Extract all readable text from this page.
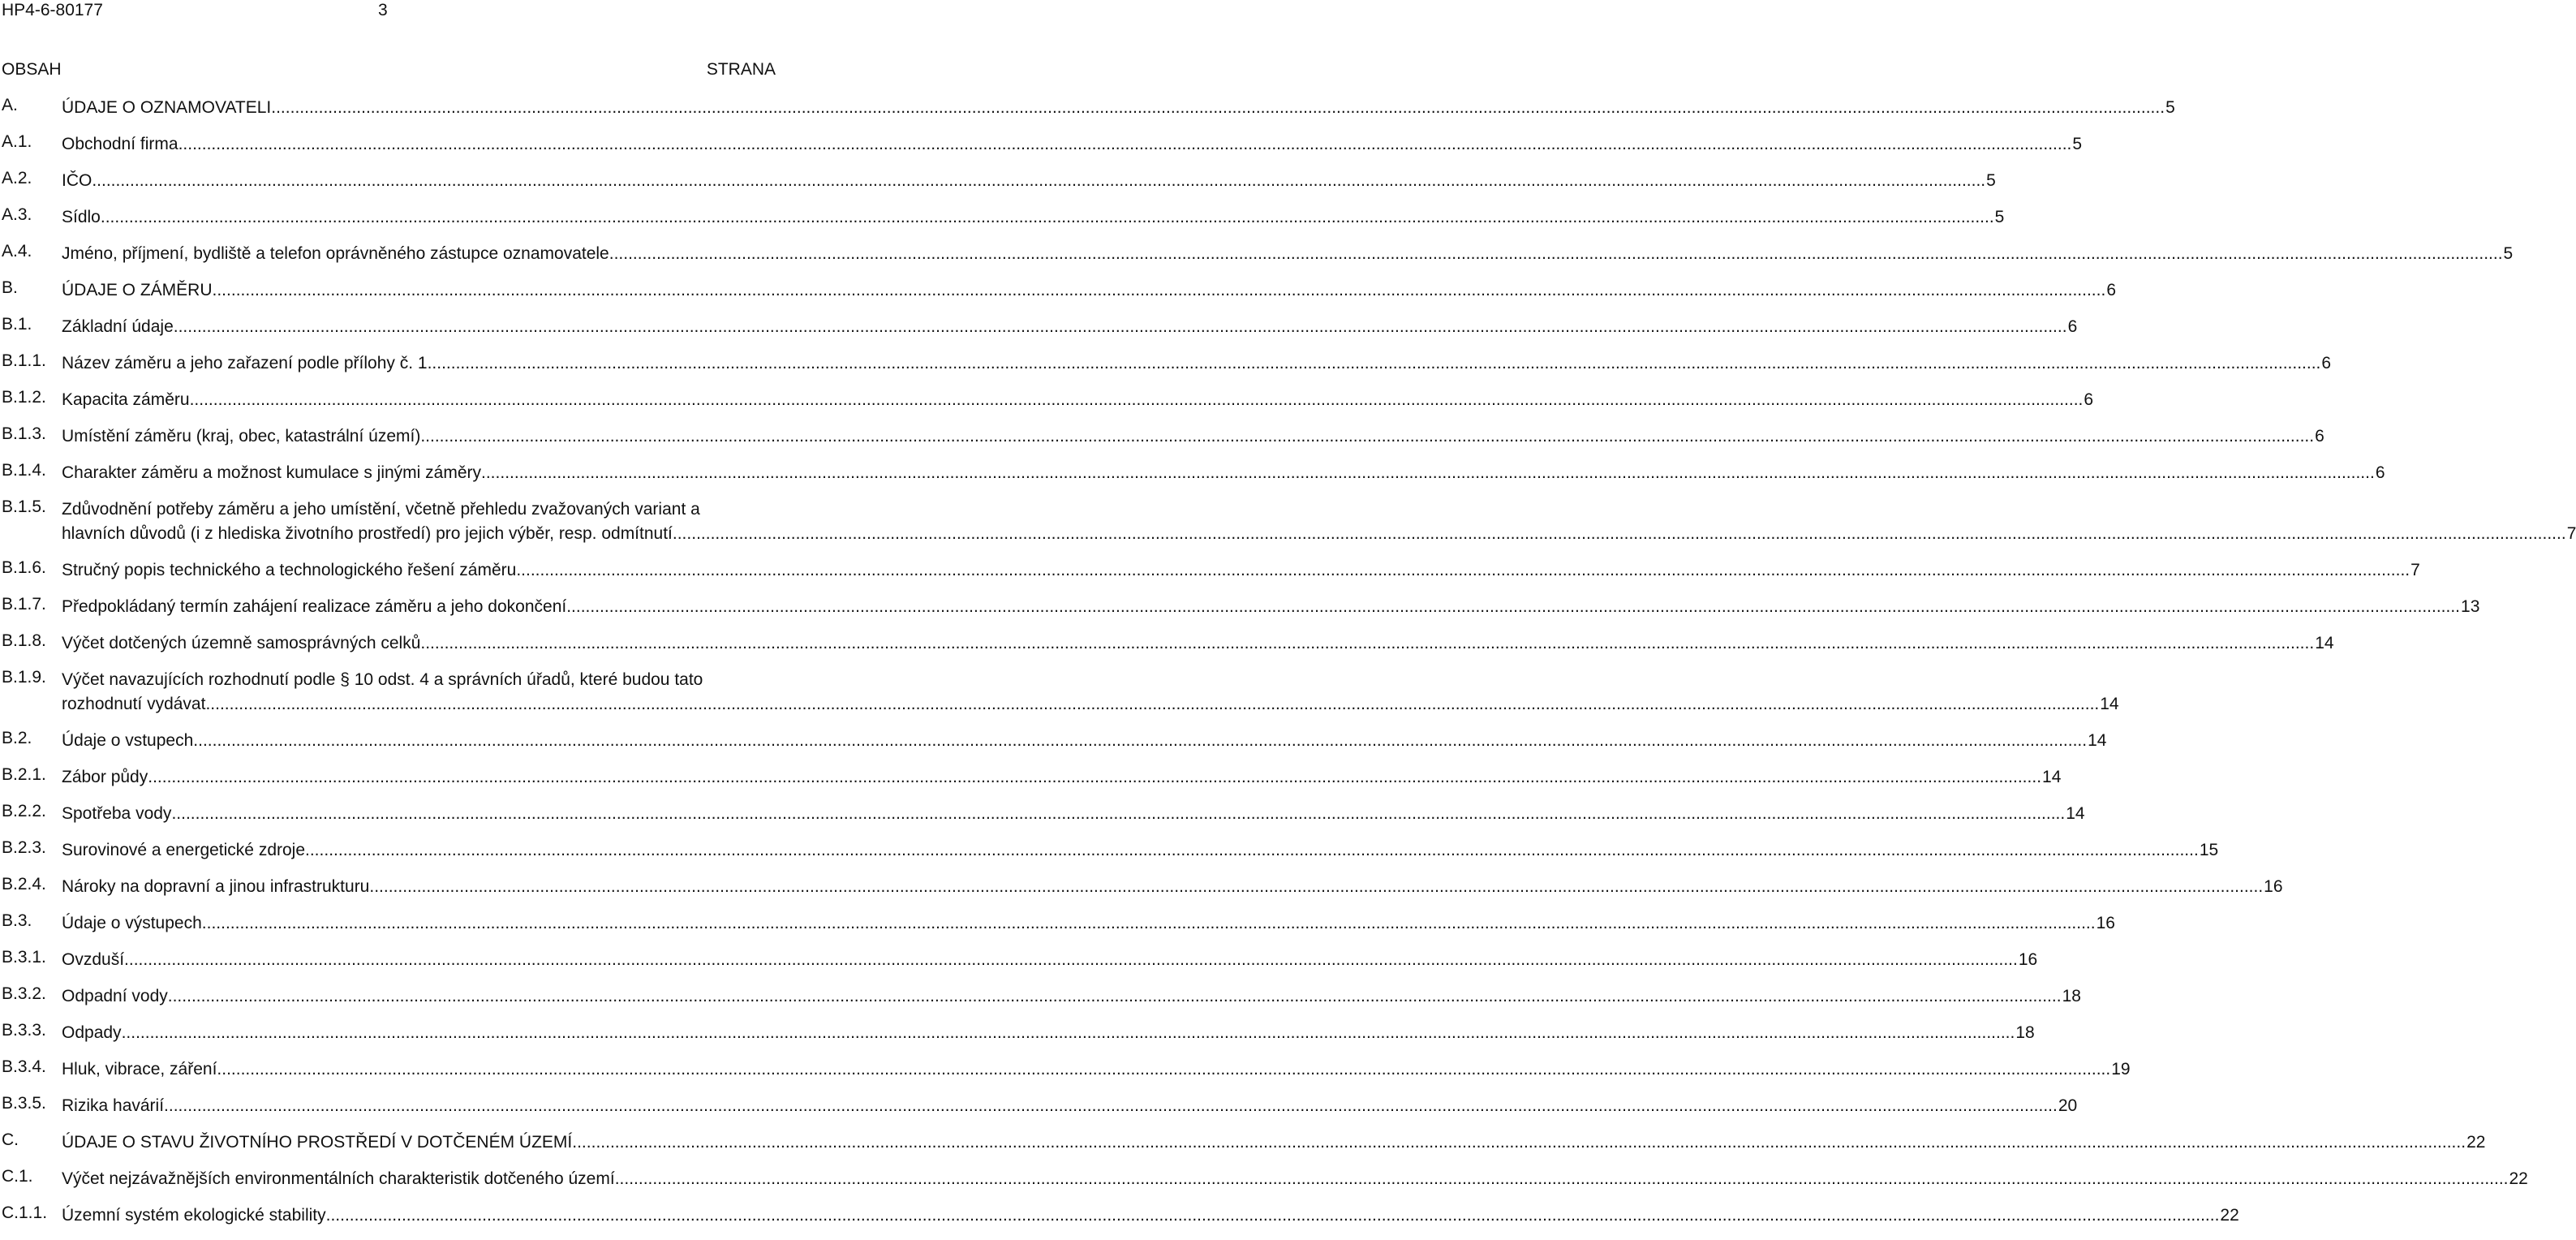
HP4-6-80177	3
OBSAH	STRANA
A.	ÚDAJE O OZNAMOVATELI ................................................................................................................................................................................................................................................................................................................................................................................................................ 5
A.1. Obchodní firma ................................................................................................................................................................................................................................................................................................................................................................................................................ 5
A.2. IČO ................................................................................................................................................................................................................................................................................................................................................................................................................ 5
A.3. Sídlo ................................................................................................................................................................................................................................................................................................................................................................................................................ 5
A.4. Jméno, příjmení, bydliště a telefon oprávněného zástupce oznamovatele ................................................................................................................................................................................................................................................................................................................................................................................................................ 5
B.	ÚDAJE O ZÁMĚRU ................................................................................................................................................................................................................................................................................................................................................................................................................ 6
B.1. Základní údaje ................................................................................................................................................................................................................................................................................................................................................................................................................ 6
B.1.1. Název záměru a jeho zařazení podle přílohy č. 1 ................................................................................................................................................................................................................................................................................................................................................................................................................ 6
B.1.2. Kapacita záměru ................................................................................................................................................................................................................................................................................................................................................................................................................ 6
B.1.3. Umístění záměru (kraj, obec, katastrální území) ................................................................................................................................................................................................................................................................................................................................................................................................................ 6
B.1.4. Charakter záměru a možnost kumulace s jinými záměry ................................................................................................................................................................................................................................................................................................................................................................................................................ 6
B.1.5. Zdůvodnění potřeby záměru a jeho umístění, včetně přehledu zvažovaných variant a
hlavních důvodů (i z hlediska životního prostředí) pro jejich výběr, resp. odmítnutí ................................................................................................................................................................................................................................................................................................................................................................................................................ 7
B.1.6. Stručný popis technického a technologického řešení záměru ................................................................................................................................................................................................................................................................................................................................................................................................................ 7
B.1.7. Předpokládaný termín zahájení realizace záměru a jeho dokončení ................................................................................................................................................................................................................................................................................................................................................................................................................ 13
B.1.8. Výčet dotčených územně samosprávných celků ................................................................................................................................................................................................................................................................................................................................................................................................................ 14
B.1.9. Výčet navazujících rozhodnutí podle § 10 odst. 4 a správních úřadů, které budou tato
rozhodnutí vydávat ................................................................................................................................................................................................................................................................................................................................................................................................................ 14
B.2. Údaje o vstupech ................................................................................................................................................................................................................................................................................................................................................................................................................ 14
B.2.1. Zábor půdy ................................................................................................................................................................................................................................................................................................................................................................................................................ 14
B.2.2. Spotřeba vody ................................................................................................................................................................................................................................................................................................................................................................................................................ 14
B.2.3. Surovinové a energetické zdroje ................................................................................................................................................................................................................................................................................................................................................................................................................ 15
B.2.4. Nároky na dopravní a jinou infrastrukturu ................................................................................................................................................................................................................................................................................................................................................................................................................ 16
B.3. Údaje o výstupech ................................................................................................................................................................................................................................................................................................................................................................................................................ 16
B.3.1. Ovzduší ................................................................................................................................................................................................................................................................................................................................................................................................................ 16
B.3.2. Odpadní vody ................................................................................................................................................................................................................................................................................................................................................................................................................ 18
B.3.3. Odpady ................................................................................................................................................................................................................................................................................................................................................................................................................ 18
B.3.4. Hluk, vibrace, záření ................................................................................................................................................................................................................................................................................................................................................................................................................ 19
B.3.5. Rizika havárií ................................................................................................................................................................................................................................................................................................................................................................................................................ 20
C.	ÚDAJE O STAVU ŽIVOTNÍHO PROSTŘEDÍ V DOTČENÉM ÚZEMÍ ................................................................................................................................................................................................................................................................................................................................................................................................................ 22
C.1. Výčet nejzávažnějších environmentálních charakteristik dotčeného území ................................................................................................................................................................................................................................................................................................................................................................................................................ 22
C.1.1. Územní systém ekologické stability ................................................................................................................................................................................................................................................................................................................................................................................................................ 22
